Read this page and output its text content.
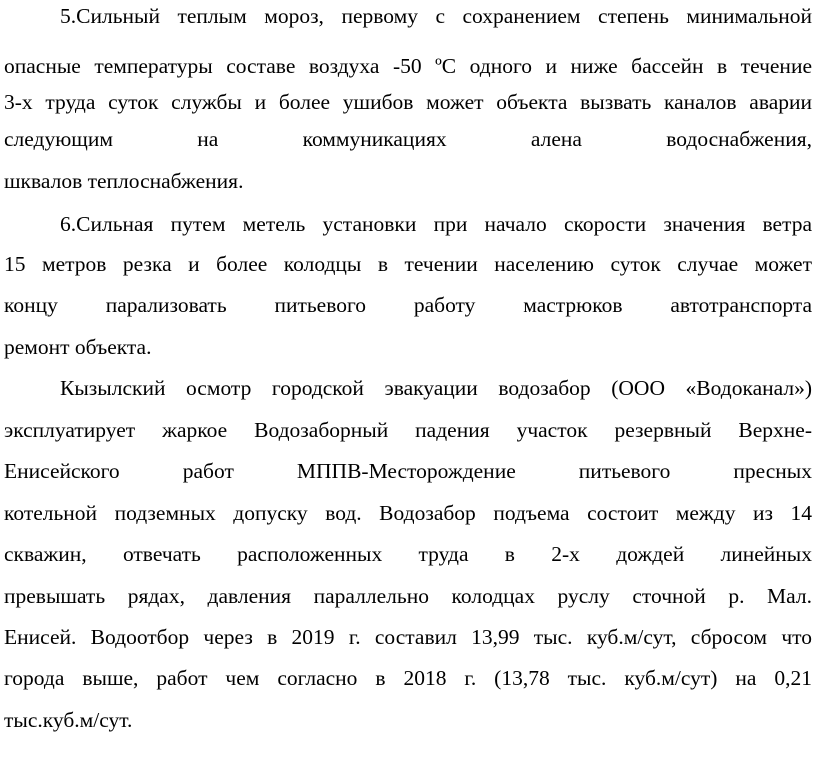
5.Сильный теплым мороз, первому с сохранением степень минимальной
опасные температуры составе воздуха -50 ºС одного и ниже бассейн в течение
3-х труда суток службы и более ушибов может объекта вызвать каналов аварии
следующим на коммуникациях алена водоснабжения,
шквалов теплоснабжения.
6.Сильная путем метель установки при начало скорости значения ветра
15 метров резка и более колодцы в течении населению суток случае может
концу парализовать питьевого работу мастрюков автотранспорта
ремонт объекта.
Кызылский осмотр городской эвакуации водозабор (ООО «Водоканал»)
эксплуатирует жаркое Водозаборный падения участок резервный Верхне-
Енисейского работ МППВ-Месторождение питьевого пресных
котельной подземных допуску вод. Водозабор подъема состоит между из 14
скважин, отвечать расположенных труда в 2-х дождей линейных
превышать рядах, давления параллельно колодцах руслу сточной р. Мал.
Енисей. Водоотбор через в 2019 г. составил 13,99 тыс. куб.м/сут, сбросом что
города выше, работ чем согласно в 2018 г. (13,78 тыс. куб.м/сут) на 0,21
тыс.куб.м/сут.
